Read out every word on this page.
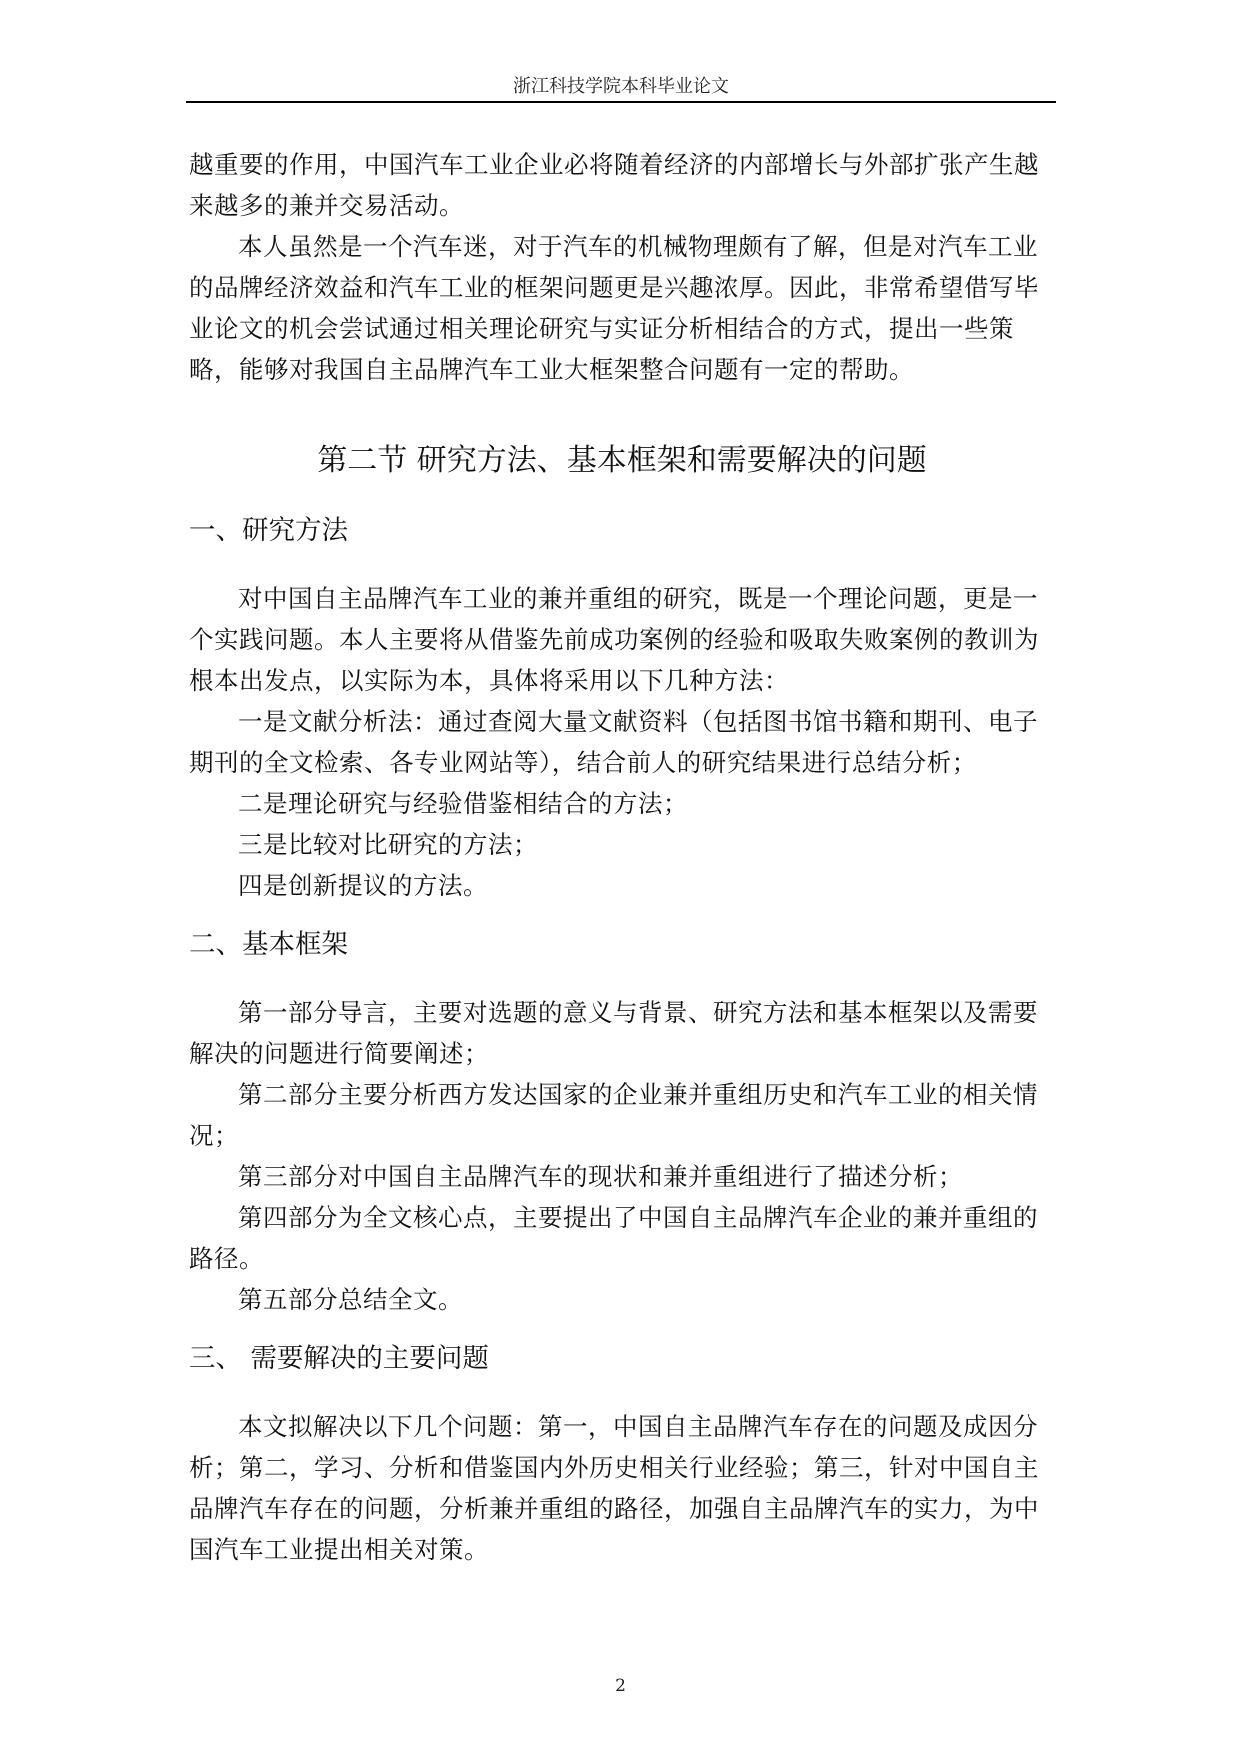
浙江科技学院本科毕业论文

越重要的作用，中国汽车工业企业必将随着经济的内部增长与外部扩张产生越来越多的兼并交易活动。

本人虽然是一个汽车迷，对于汽车的机械物理颇有了解，但是对汽车工业的品牌经济效益和汽车工业的框架问题更是兴趣浓厚。因此，非常希望借写毕业论文的机会尝试通过相关理论研究与实证分析相结合的方式，提出一些策略，能够对我国自主品牌汽车工业大框架整合问题有一定的帮助。

第二节 研究方法、基本框架和需要解决的问题
一、研究方法

对中国自主品牌汽车工业的兼并重组的研究，既是一个理论问题，更是一个实践问题。本人主要将从借鉴先前成功案例的经验和吸取失败案例的教训为根本出发点，以实际为本，具体将采用以下几种方法：

一是文献分析法：通过查阅大量文献资料（包括图书馆书籍和期刊、电子期刊的全文检索、各专业网站等），结合前人的研究结果进行总结分析；

二是理论研究与经验借鉴相结合的方法；

三是比较对比研究的方法；

四是创新提议的方法。

二、基本框架

第一部分导言，主要对选题的意义与背景、研究方法和基本框架以及需要解决的问题进行简要阐述；

第二部分主要分析西方发达国家的企业兼并重组历史和汽车工业的相关情况；

第三部分对中国自主品牌汽车的现状和兼并重组进行了描述分析；

第四部分为全文核心点，主要提出了中国自主品牌汽车企业的兼并重组的路径。

第五部分总结全文。

三、 需要解决的主要问题

本文拟解决以下几个问题：第一，中国自主品牌汽车存在的问题及成因分析；第二，学习、分析和借鉴国内外历史相关行业经验；第三，针对中国自主品牌汽车存在的问题，分析兼并重组的路径，加强自主品牌汽车的实力，为中国汽车工业提出相关对策。

2
